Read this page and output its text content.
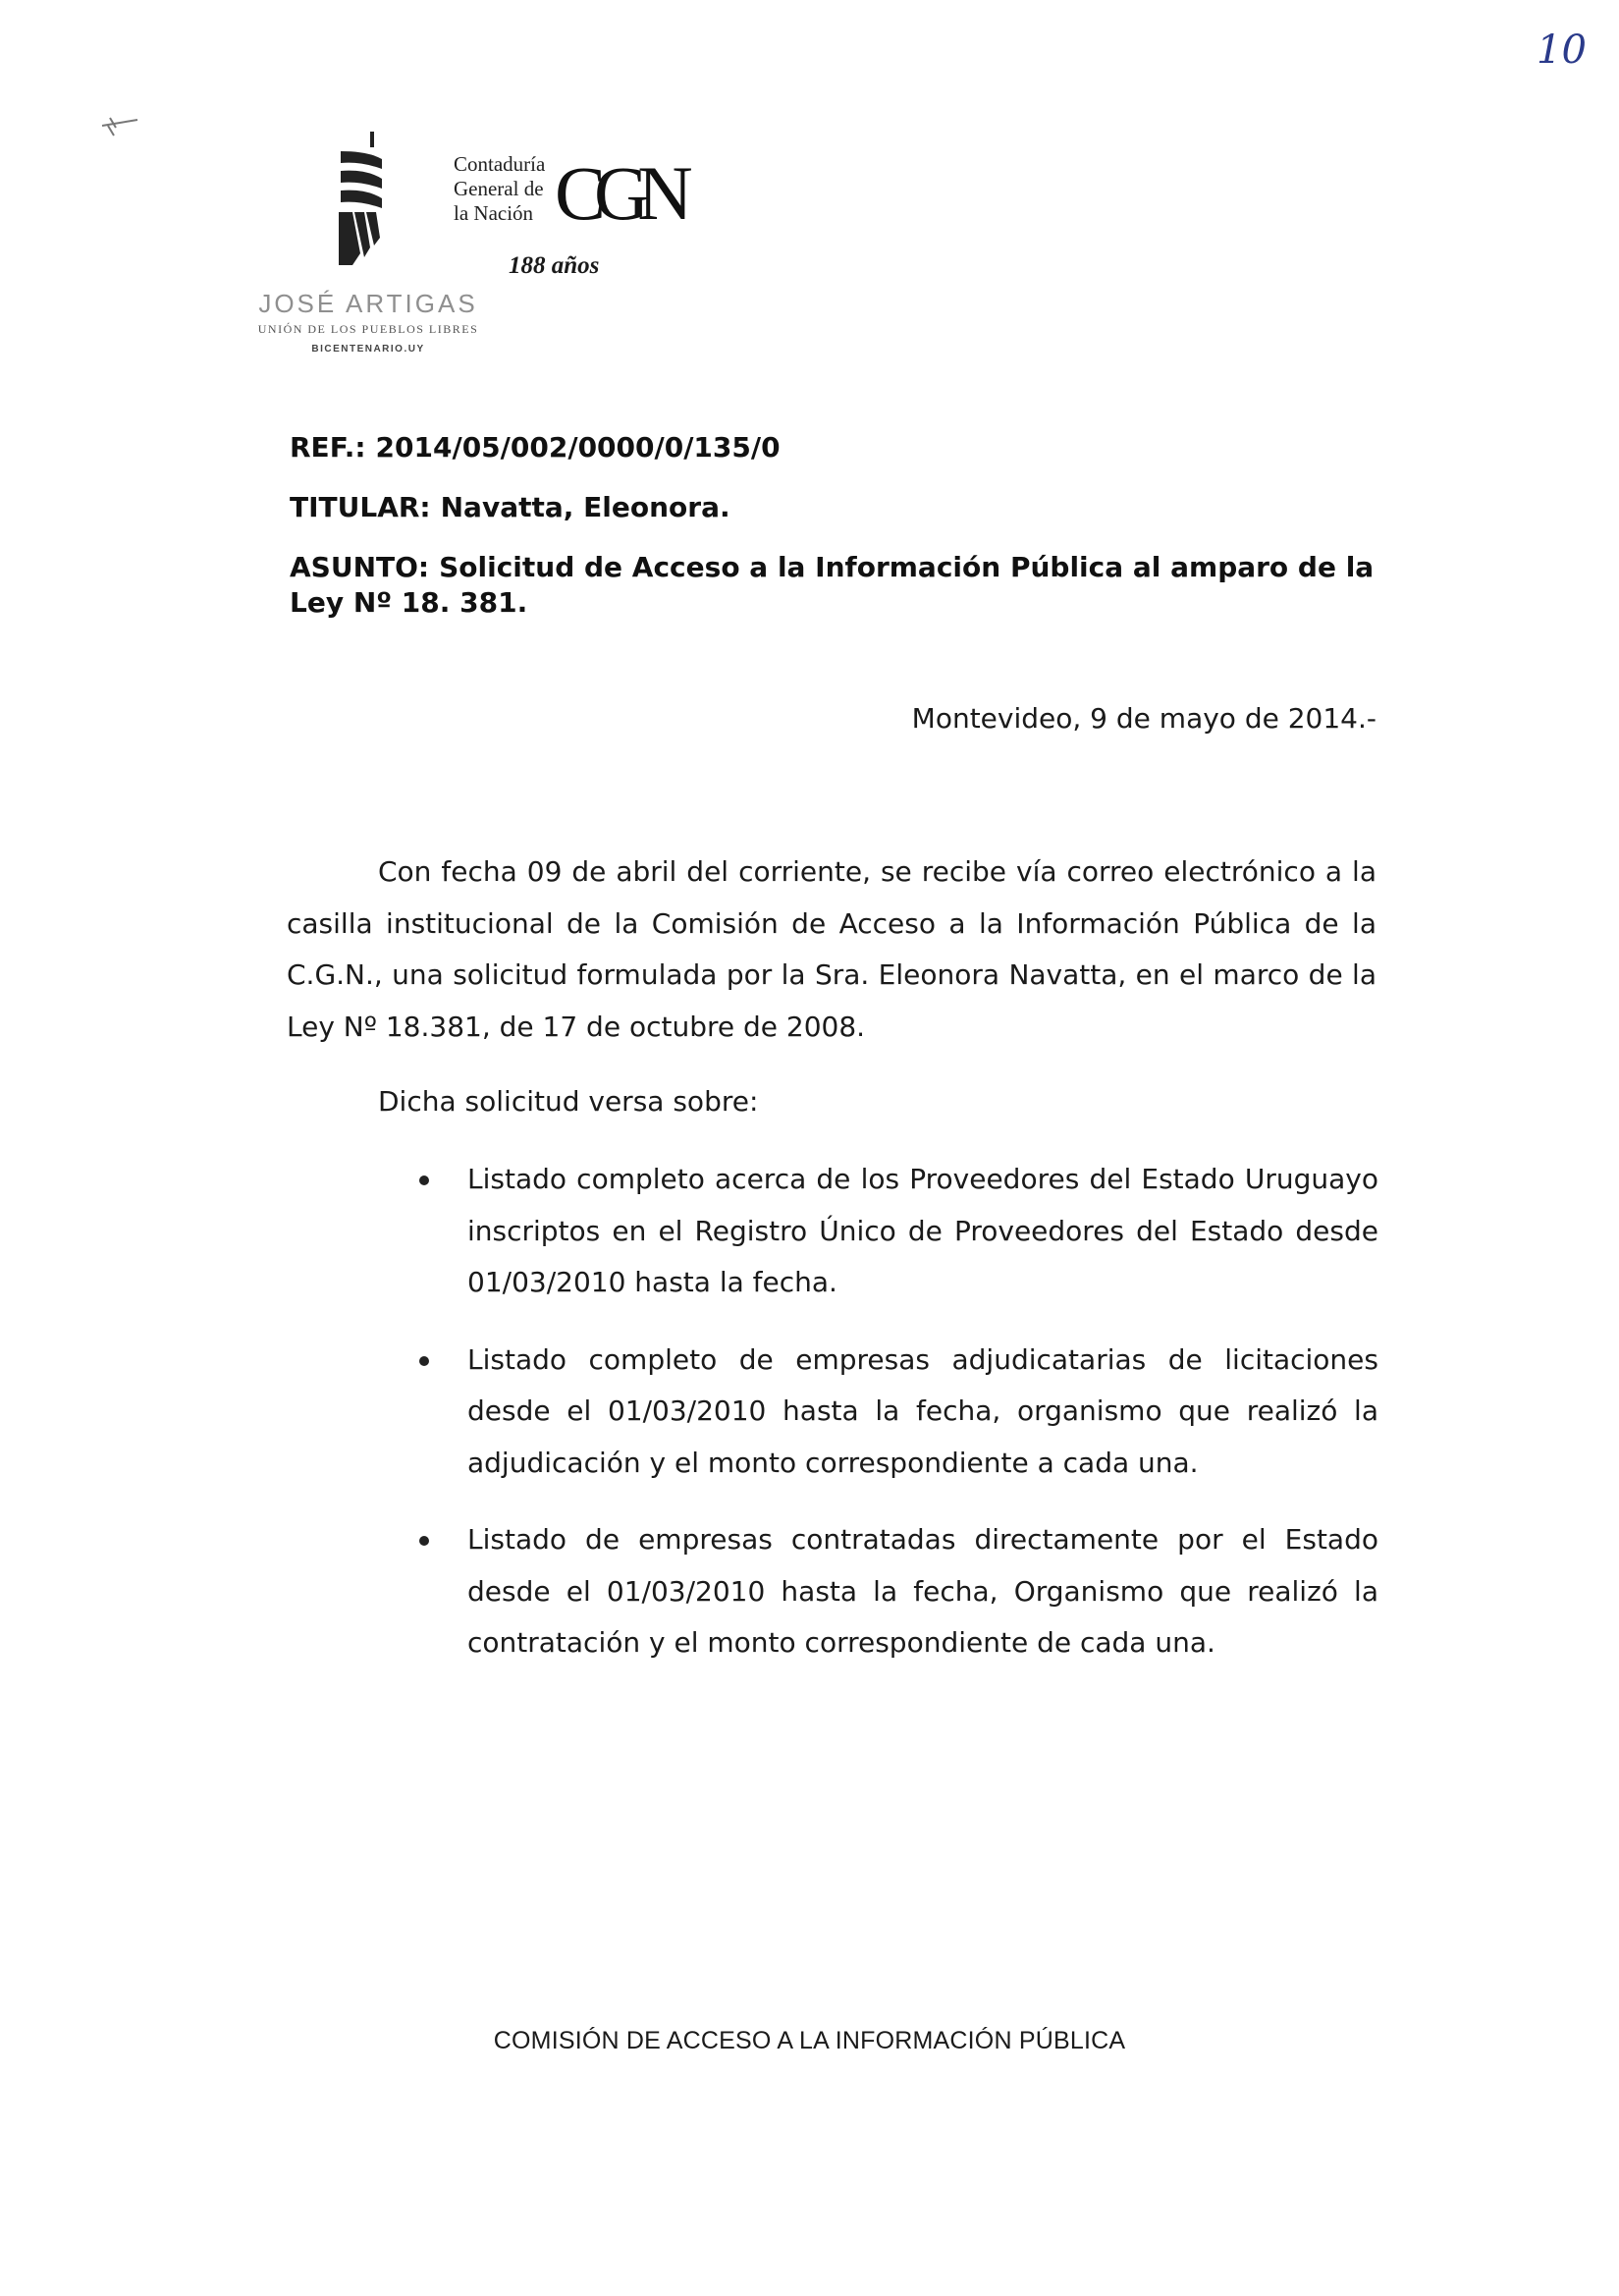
10
JOSÉ ARTIGAS
UNIÓN DE LOS PUEBLOS LIBRES
BICENTENARIO.UY
Contaduría
General de
la Nación CGN
188 años
REF.: 2014/05/002/0000/0/135/0
TITULAR: Navatta, Eleonora.
ASUNTO: Solicitud de Acceso a la Información Pública al amparo de la Ley Nº 18. 381.
Montevideo, 9 de mayo de 2014.-

Con fecha 09 de abril del corriente, se recibe vía correo electrónico a la casilla institucional de la Comisión de Acceso a la Información Pública de la C.G.N., una solicitud formulada por la Sra. Eleonora Navatta, en el marco de la Ley Nº 18.381, de 17 de octubre de 2008.

Dicha solicitud versa sobre:

Listado completo acerca de los Proveedores del Estado Uruguayo inscriptos en el Registro Único de Proveedores del Estado desde 01/03/2010 hasta la fecha.
Listado completo de empresas adjudicatarias de licitaciones desde el 01/03/2010 hasta la fecha, organismo que realizó la adjudicación y el monto correspondiente a cada una.
Listado de empresas contratadas directamente por el Estado desde el 01/03/2010 hasta la fecha, Organismo que realizó la contratación y el monto correspondiente de cada una.
COMISIÓN DE ACCESO A LA INFORMACIÓN PÚBLICA
